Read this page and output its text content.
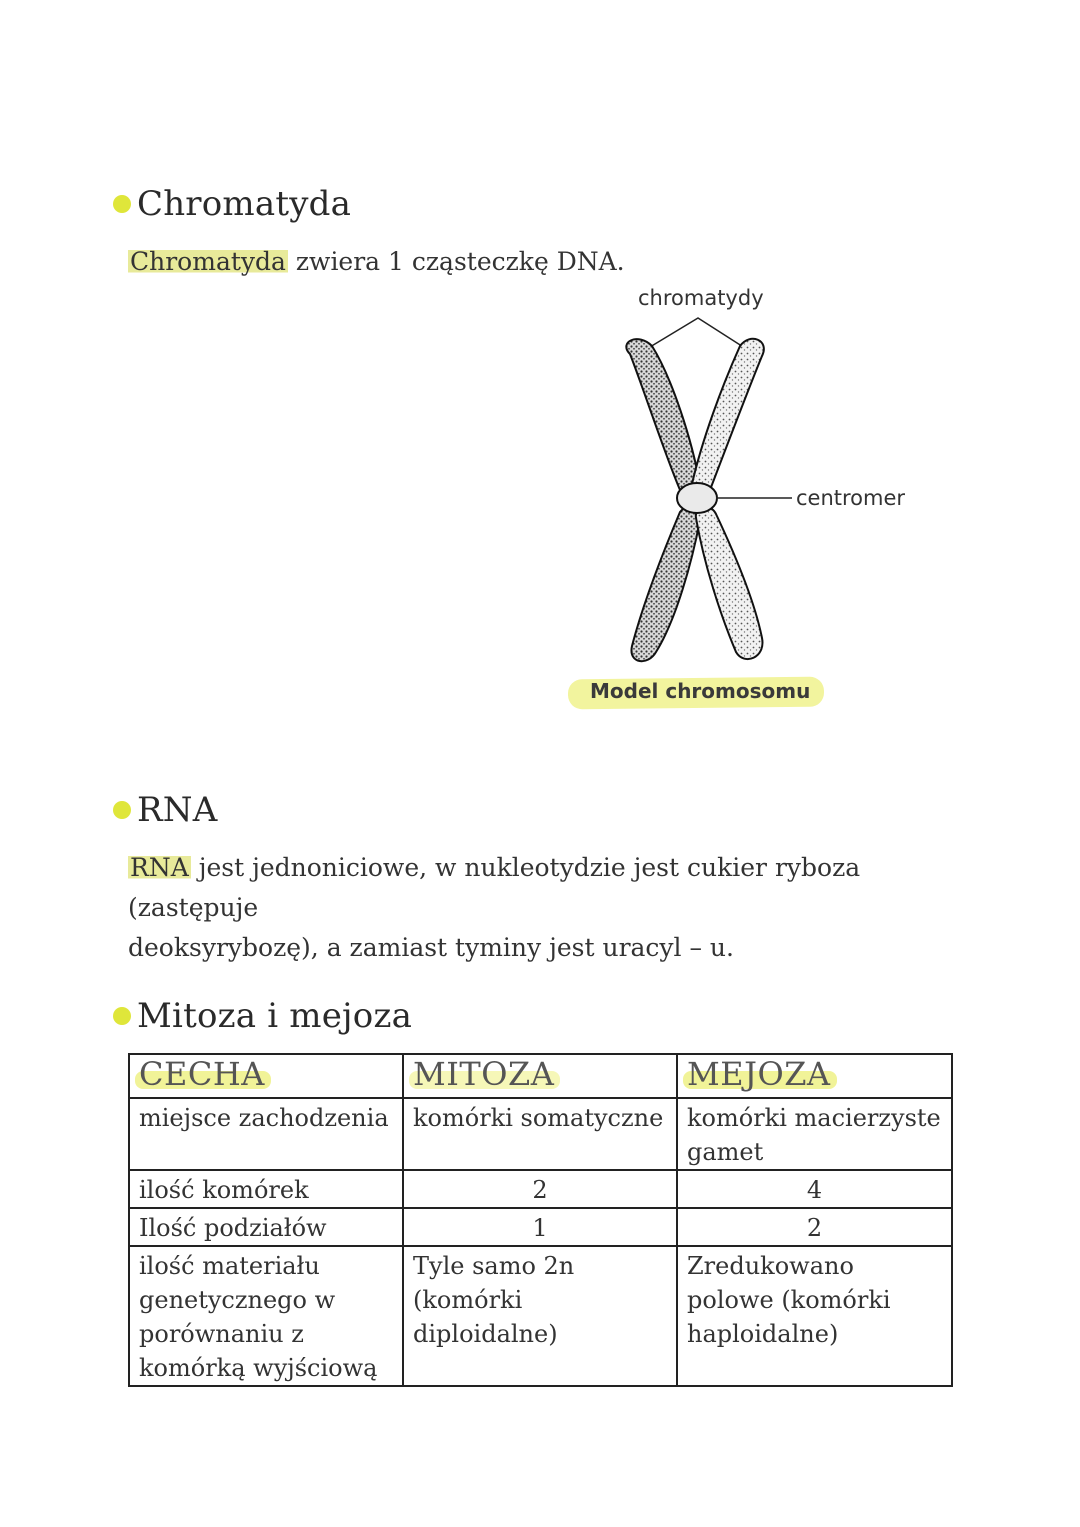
Chromatyda
Chromatyda zwiera 1 cząsteczkę DNA.
chromatydy
centromer
Model chromosomu
RNA
RNA jest jednoniciowe, w nukleotydzie jest cukier ryboza (zastępuje
deoksyrybozę), a zamiast tyminy jest uracyl – u.
Mitoza i mejoza
CECHA	MITOZA	MEJOZA
miejsce zachodzenia	komórki somatyczne	komórki macierzyste gamet
ilość komórek	2	4
Ilość podziałów	1	2
ilość materiału genetycznego w porównaniu z komórką wyjściową	Tyle samo 2n (komórki diploidalne)	Zredukowano polowe (komórki haploidalne)
